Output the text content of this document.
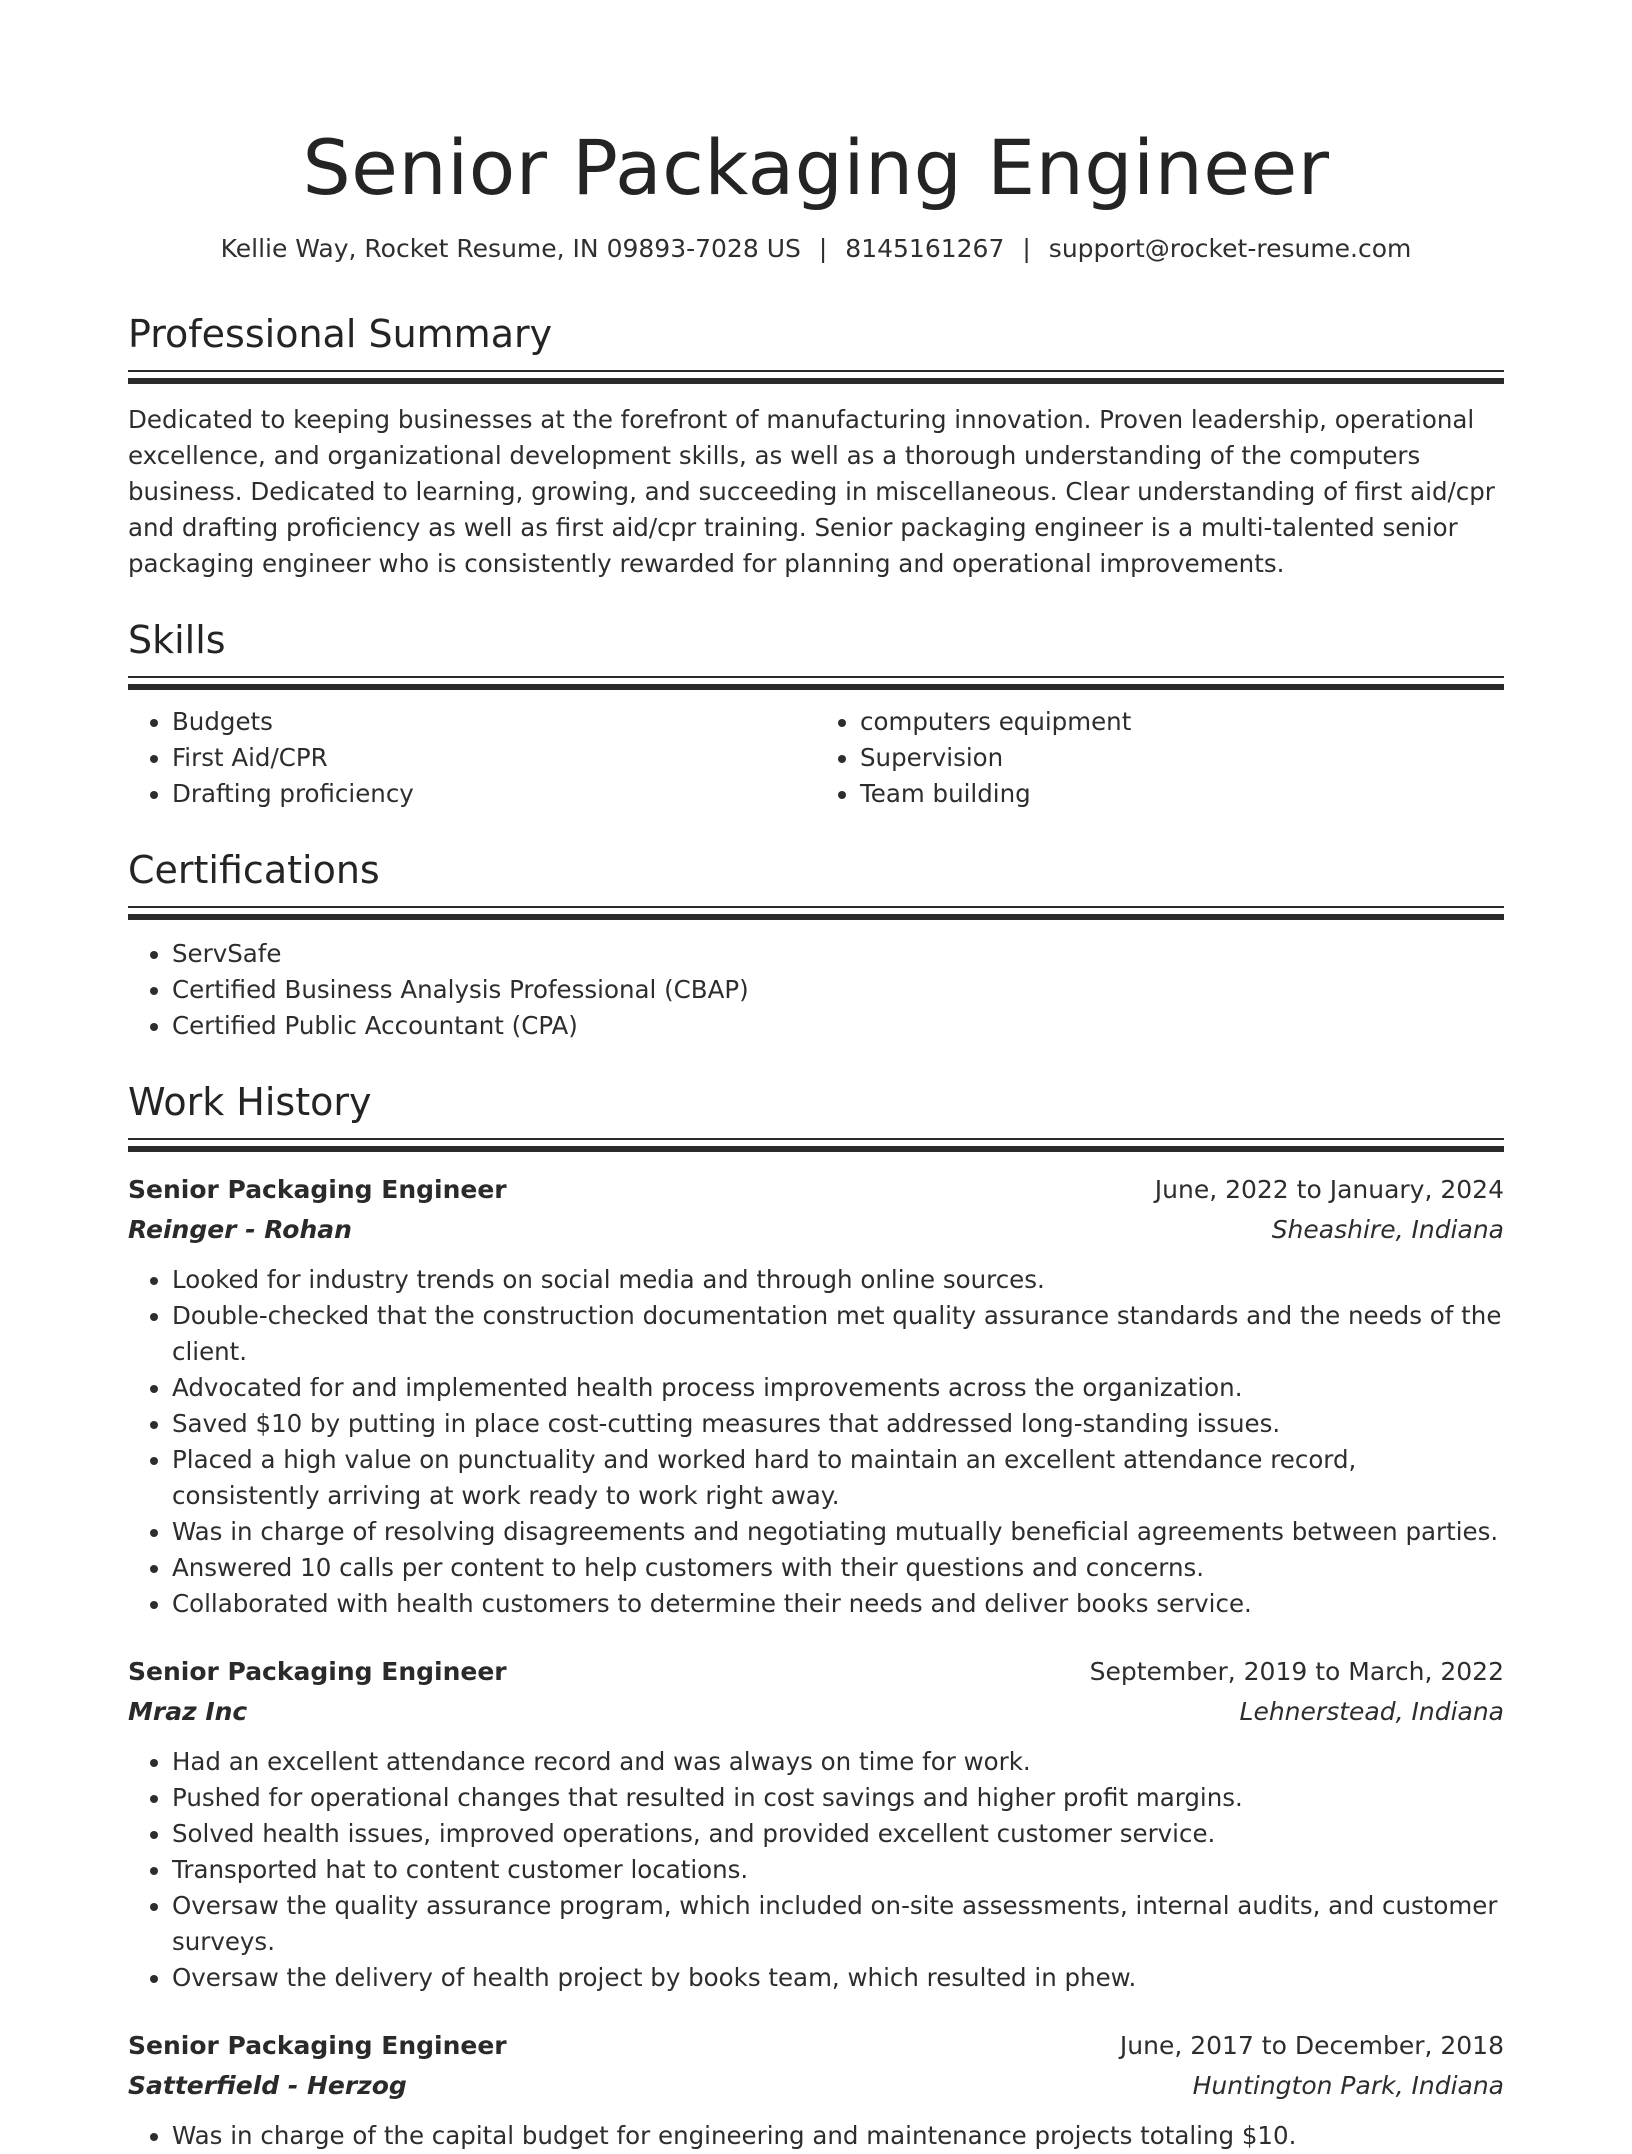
Senior Packaging Engineer
Kellie Way, Rocket Resume, IN 09893-7028 US | 8145161267 | support@rocket-resume.com
Professional Summary
Dedicated to keeping businesses at the forefront of manufacturing innovation. Proven leadership, operational excellence, and organizational development skills, as well as a thorough understanding of the computers business. Dedicated to learning, growing, and succeeding in miscellaneous. Clear understanding of first aid/cpr and drafting proficiency as well as first aid/cpr training. Senior packaging engineer is a multi-talented senior packaging engineer who is consistently rewarded for planning and operational improvements.
Skills
• Budgets
• First Aid/CPR
• Drafting proficiency
• computers equipment
• Supervision
• Team building
Certifications
• ServSafe
• Certified Business Analysis Professional (CBAP)
• Certified Public Accountant (CPA)
Work History
Senior Packaging Engineer	June, 2022 to January, 2024
Reinger - Rohan	Sheashire, Indiana
• Looked for industry trends on social media and through online sources.
• Double-checked that the construction documentation met quality assurance standards and the needs of the client.
• Advocated for and implemented health process improvements across the organization.
• Saved $10 by putting in place cost-cutting measures that addressed long-standing issues.
• Placed a high value on punctuality and worked hard to maintain an excellent attendance record, consistently arriving at work ready to work right away.
• Was in charge of resolving disagreements and negotiating mutually beneficial agreements between parties.
• Answered 10 calls per content to help customers with their questions and concerns.
• Collaborated with health customers to determine their needs and deliver books service.
Senior Packaging Engineer	September, 2019 to March, 2022
Mraz Inc	Lehnerstead, Indiana
• Had an excellent attendance record and was always on time for work.
• Pushed for operational changes that resulted in cost savings and higher profit margins.
• Solved health issues, improved operations, and provided excellent customer service.
• Transported hat to content customer locations.
• Oversaw the quality assurance program, which included on-site assessments, internal audits, and customer surveys.
• Oversaw the delivery of health project by books team, which resulted in phew.
Senior Packaging Engineer	June, 2017 to December, 2018
Satterfield - Herzog	Huntington Park, Indiana
• Was in charge of the capital budget for engineering and maintenance projects totaling $10.
